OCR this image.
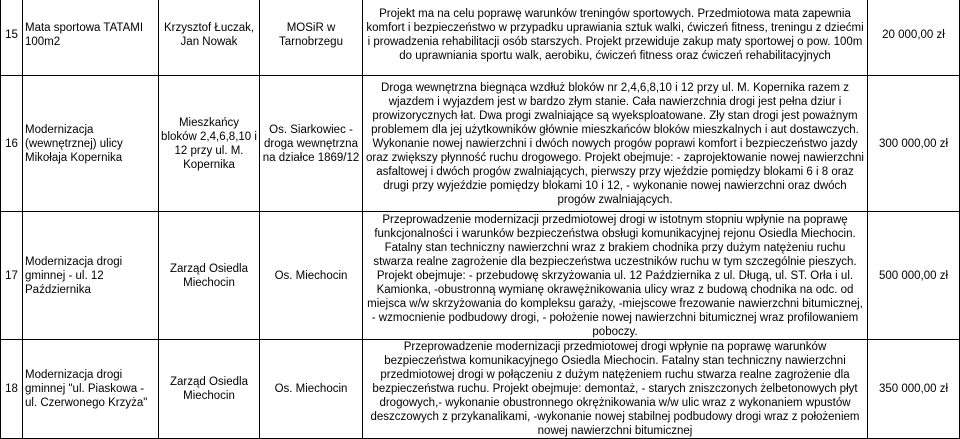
15	Mata sportowa TATAMI 100m2	Krzysztof Łuczak, Jan Nowak	MOSiR w Tarnobrzegu	Projekt ma na celu poprawę warunków treningów sportowych. Przedmiotowa mata zapewnia komfort i bezpieczeństwo w przypadku uprawiania sztuk walki, ćwiczeń fitness, treningu z dziećmi i prowadzenia rehabilitacji osób starszych. Projekt przewiduje zakup maty sportowej o pow. 100m do uprawniania sportu walk, aerobiku, ćwiczeń fitness oraz ćwiczeń rehabilitacyjnych	20 000,00 zł
16	Modernizacja (wewnętrznej) ulicy Mikołaja Kopernika	Mieszkańcy bloków 2,4,6,8,10 i 12 przy ul. M. Kopernika	Os. Siarkowiec - droga wewnętrzna na działce 1869/12	Droga wewnętrzna biegnąca wzdłuż bloków nr 2,4,6,8,10 i 12 przy ul. M. Kopernika razem z wjazdem i wyjazdem jest w bardzo złym stanie. Cała nawierzchnia drogi jest pełna dziur i prowizorycznych łat. Dwa progi zwalniające są wyeksploatowane. Zły stan drogi jest poważnym problemem dla jej użytkowników głównie mieszkańców bloków mieszkalnych i aut dostawczych. Wykonanie nowej nawierzchni i dwóch nowych progów poprawi komfort i bezpieczeństwo jazdy oraz zwiększy płynność ruchu drogowego. Projekt obejmuje: - zaprojektowanie nowej nawierzchni asfaltowej i dwóch progów zwalniających, pierwszy przy wjeździe pomiędzy blokami 6 i 8 oraz drugi przy wyjeździe pomiędzy blokami 10 i 12, - wykonanie nowej nawierzchni oraz dwóch progów zwalniających.	300 000,00 zł
17	Modernizacja drogi gminnej - ul. 12 Października	Zarząd Osiedla Miechocin	Os. Miechocin	Przeprowadzenie modernizacji przedmiotowej drogi w istotnym stopniu wpłynie na poprawę funkcjonalności i warunków bezpieczeństwa obsługi komunikacyjnej rejonu Osiedla Miechocin. Fatalny stan techniczny nawierzchni wraz z brakiem chodnika przy dużym natężeniu ruchu stwarza realne zagrożenie dla bezpieczeństwa uczestników ruchu w tym szczególnie pieszych. Projekt obejmuje: - przebudowę skrzyżowania ul. 12 Października z ul. Długą, ul. ST. Orła i ul. Kamionka, -obustronną wymianę okrawężnikowania ulicy wraz z budową chodnika na odc. od miejsca w/w skrzyżowania do kompleksu garaży, -miejscowe frezowanie nawierzchni bitumicznej, - wzmocnienie podbudowy drogi, - położenie nowej nawierzchni bitumicznej wraz profilowaniem poboczy.	500 000,00 zł
18	Modernizacja drogi gminnej "ul. Piaskowa - ul. Czerwonego Krzyża"	Zarząd Osiedla Miechocin	Os. Miechocin	Przeprowadzenie modernizacji przedmiotowej drogi wpłynie na poprawę warunków bezpieczeństwa komunikacyjnego Osiedla Miechocin. Fatalny stan techniczny nawierzchni przedmiotowej drogi w połączeniu z dużym natężeniem ruchu stwarza realne zagrożenie dla bezpieczeństwa ruchu. Projekt obejmuje: demontaż, - starych zniszczonych żelbetonowych płyt drogowych,- wykonanie obustronnego okrężnikowania w/w ulic wraz z wykonaniem wpustów deszczowych z przykanalikami, -wykonanie nowej stabilnej podbudowy drogi wraz z położeniem nowej nawierzchni bitumicznej	350 000,00 zł
